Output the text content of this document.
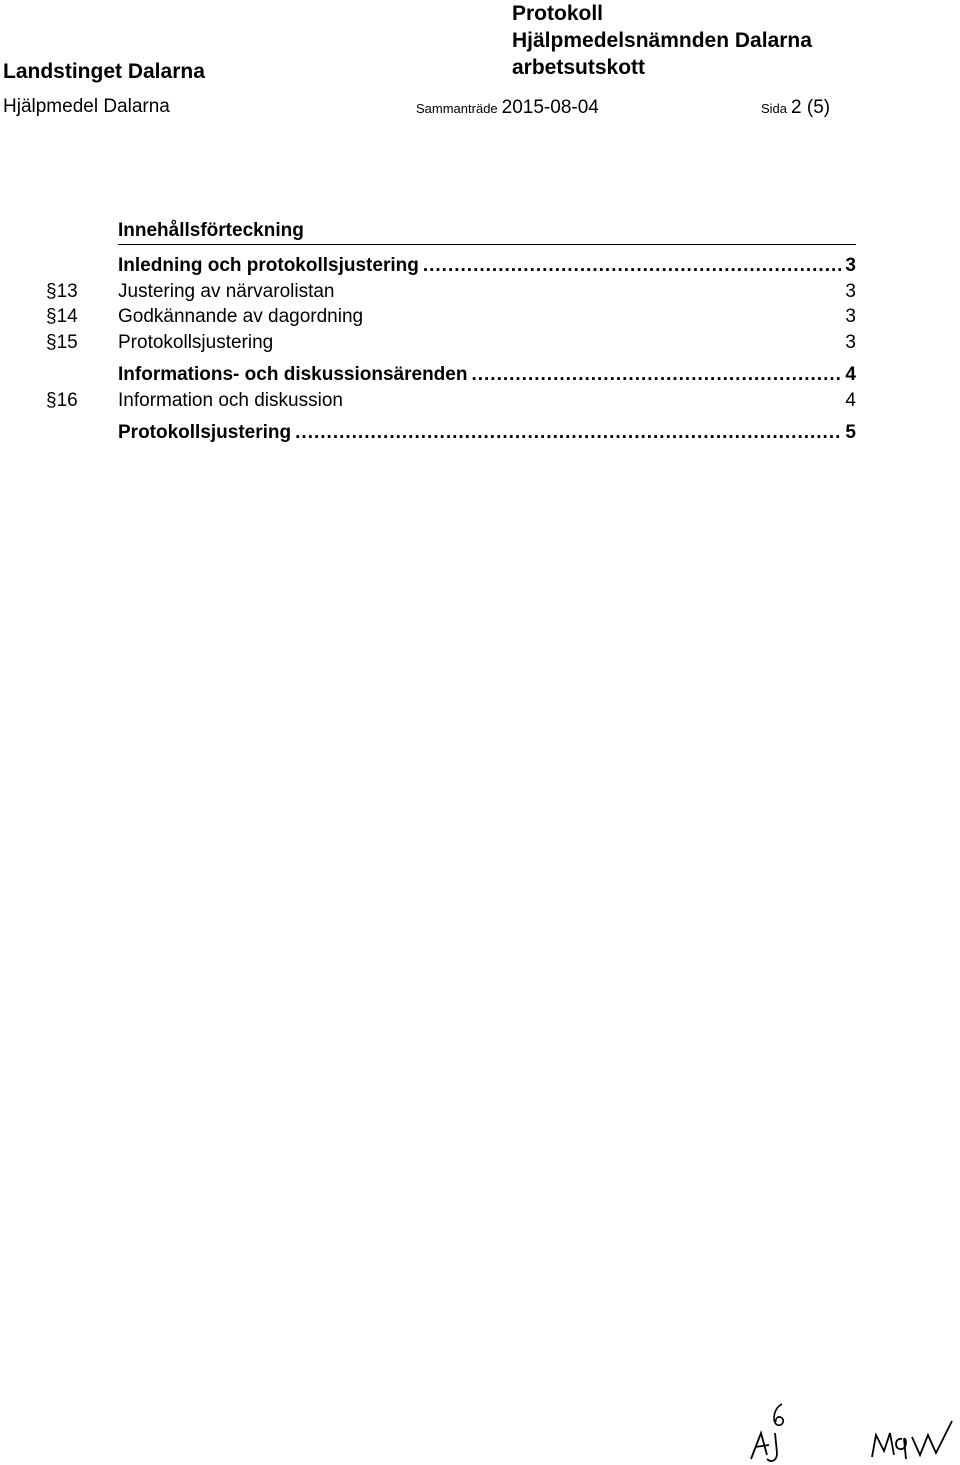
Landstinget Dalarna
Hjälpmedel Dalarna
Protokoll
Hjälpmedelsnämnden Dalarna
arbetsutskott
Sammanträde 2015-08-04	Sida 2 (5)
Innehållsförteckning
Inledning och protokollsjustering .....	3
§13	Justering av närvarolistan	3
§14	Godkännande av dagordning	3
§15	Protokollsjustering	3
Informations- och diskussionsärenden .....	4
§16	Information och diskussion	4
Protokollsjustering .....	5
